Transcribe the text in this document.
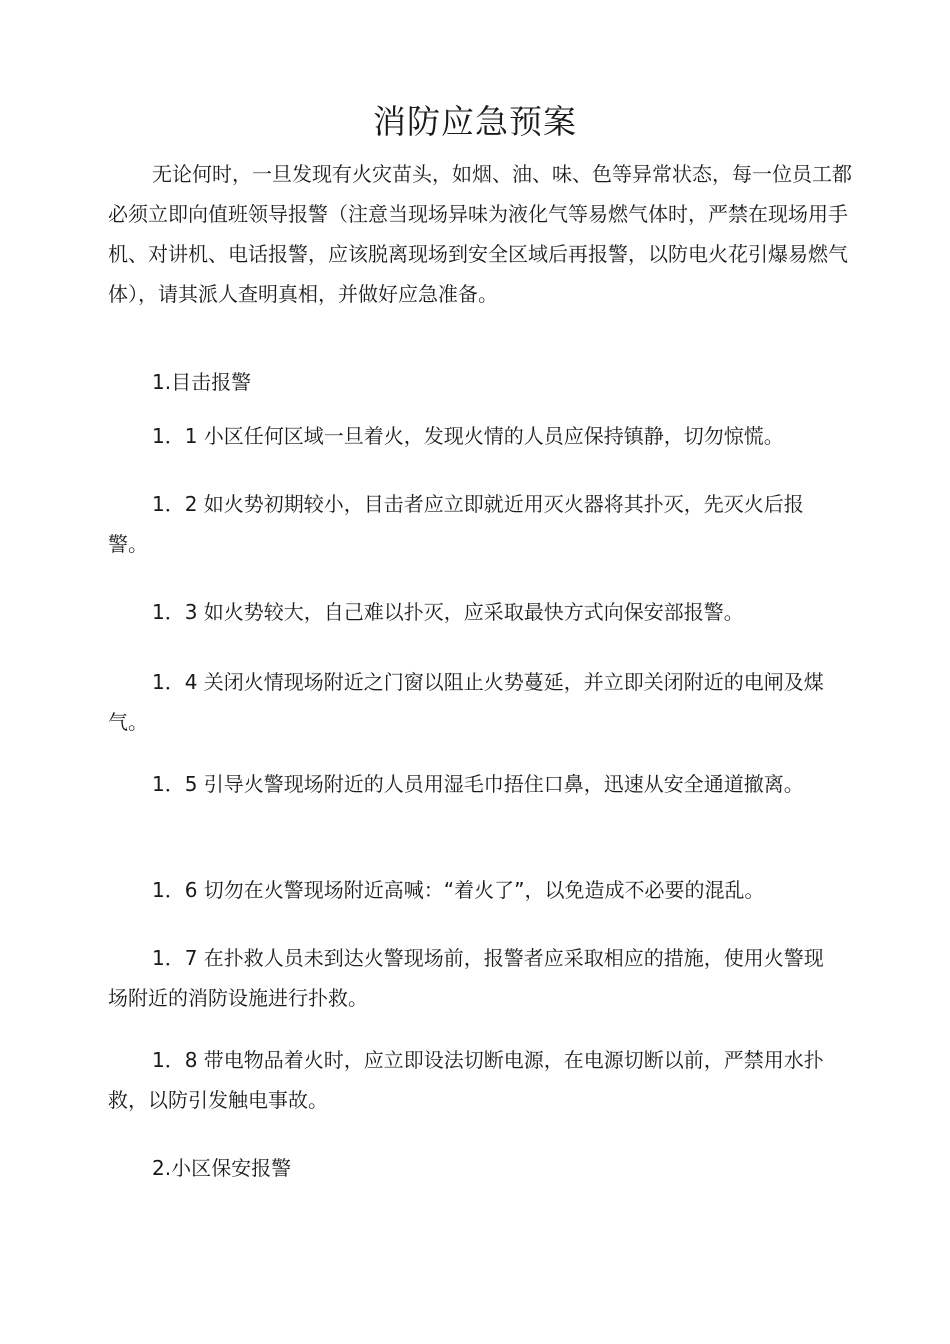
消防应急预案

无论何时，一旦发现有火灾苗头，如烟、油、味、色等异常状态，每一位员工都必须立即向值班领导报警（注意当现场异味为液化气等易燃气体时，严禁在现场用手机、对讲机、电话报警，应该脱离现场到安全区域后再报警，以防电火花引爆易燃气体），请其派人查明真相，并做好应急准备。

1.目击报警

1．1 小区任何区域一旦着火，发现火情的人员应保持镇静，切勿惊慌。

1．2 如火势初期较小，目击者应立即就近用灭火器将其扑灭，先灭火后报警。

1．3 如火势较大，自己难以扑灭，应采取最快方式向保安部报警。

1．4 关闭火情现场附近之门窗以阻止火势蔓延，并立即关闭附近的电闸及煤气。

1．5 引导火警现场附近的人员用湿毛巾捂住口鼻，迅速从安全通道撤离。

1．6 切勿在火警现场附近高喊：“着火了”，以免造成不必要的混乱。

1．7 在扑救人员未到达火警现场前，报警者应采取相应的措施，使用火警现场附近的消防设施进行扑救。

1．8 带电物品着火时，应立即设法切断电源，在电源切断以前，严禁用水扑救，以防引发触电事故。

2.小区保安报警
